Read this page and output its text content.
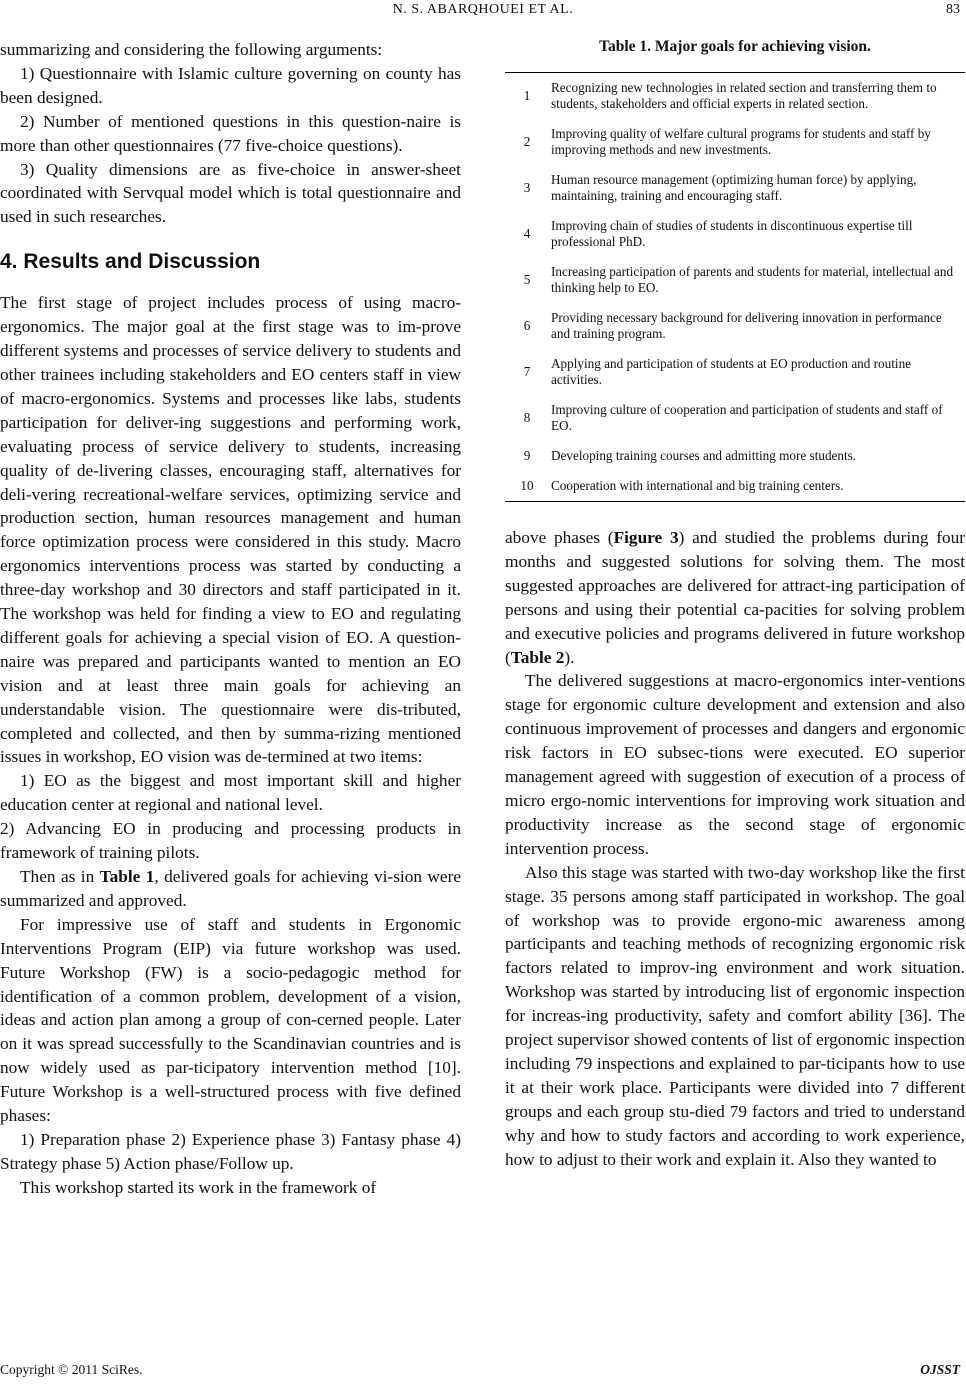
N. S. ABARQHOUEI ET AL.	83

summarizing and considering the following arguments:

1) Questionnaire with Islamic culture governing on county has been designed.

2) Number of mentioned questions in this question-naire is more than other questionnaires (77 five-choice questions).

3) Quality dimensions are as five-choice in answer-sheet coordinated with Servqual model which is total questionnaire and used in such researches.

4. Results and Discussion

The first stage of project includes process of using macro-ergonomics. The major goal at the first stage was to im-prove different systems and processes of service delivery to students and other trainees including stakeholders and EO centers staff in view of macro-ergonomics. Systems and processes like labs, students participation for deliver-ing suggestions and performing work, evaluating process of service delivery to students, increasing quality of de-livering classes, encouraging staff, alternatives for deli-vering recreational-welfare services, optimizing service and production section, human resources management and human force optimization process were considered in this study. Macro ergonomics interventions process was started by conducting a three-day workshop and 30 directors and staff participated in it. The workshop was held for finding a view to EO and regulating different goals for achieving a special vision of EO. A question-naire was prepared and participants wanted to mention an EO vision and at least three main goals for achieving an understandable vision. The questionnaire were dis-tributed, completed and collected, and then by summa-rizing mentioned issues in workshop, EO vision was de-termined at two items:

1) EO as the biggest and most important skill and higher education center at regional and national level.

2) Advancing EO in producing and processing products in framework of training pilots.

Then as in Table 1, delivered goals for achieving vi-sion were summarized and approved.

For impressive use of staff and students in Ergonomic Interventions Program (EIP) via future workshop was used. Future Workshop (FW) is a socio-pedagogic method for identification of a common problem, development of a vision, ideas and action plan among a group of con-cerned people. Later on it was spread successfully to the Scandinavian countries and is now widely used as par-ticipatory intervention method [10]. Future Workshop is a well-structured process with five defined phases:

1) Preparation phase 2) Experience phase 3) Fantasy phase 4) Strategy phase 5) Action phase/Follow up.

This workshop started its work in the framework of

Table 1. Major goals for achieving vision.
1	Recognizing new technologies in related section and transferring them to students, stakeholders and official experts in related section.
2	Improving quality of welfare cultural programs for students and staff by improving methods and new investments.
3	Human resource management (optimizing human force) by applying, maintaining, training and encouraging staff.
4	Improving chain of studies of students in discontinuous expertise till professional PhD.
5	Increasing participation of parents and students for material, intellectual and thinking help to EO.
6	Providing necessary background for delivering innovation in performance and training program.
7	Applying and participation of students at EO production and routine activities.
8	Improving culture of cooperation and participation of students and staff of EO.
9	Developing training courses and admitting more students.
10	Cooperation with international and big training centers.

above phases (Figure 3) and studied the problems during four months and suggested solutions for solving them. The most suggested approaches are delivered for attract-ing participation of persons and using their potential ca-pacities for solving problem and executive policies and programs delivered in future workshop (Table 2).

The delivered suggestions at macro-ergonomics inter-ventions stage for ergonomic culture development and extension and also continuous improvement of processes and dangers and ergonomic risk factors in EO subsec-tions were executed. EO superior management agreed with suggestion of execution of a process of micro ergo-nomic interventions for improving work situation and productivity increase as the second stage of ergonomic intervention process.

Also this stage was started with two-day workshop like the first stage. 35 persons among staff participated in workshop. The goal of workshop was to provide ergono-mic awareness among participants and teaching methods of recognizing ergonomic risk factors related to improv-ing environment and work situation. Workshop was started by introducing list of ergonomic inspection for increas-ing productivity, safety and comfort ability [36]. The project supervisor showed contents of list of ergonomic inspection including 79 inspections and explained to par-ticipants how to use it at their work place. Participants were divided into 7 different groups and each group stu-died 79 factors and tried to understand why and how to study factors and according to work experience, how to adjust to their work and explain it. Also they wanted to

Copyright © 2011 SciRes.	OJSST
